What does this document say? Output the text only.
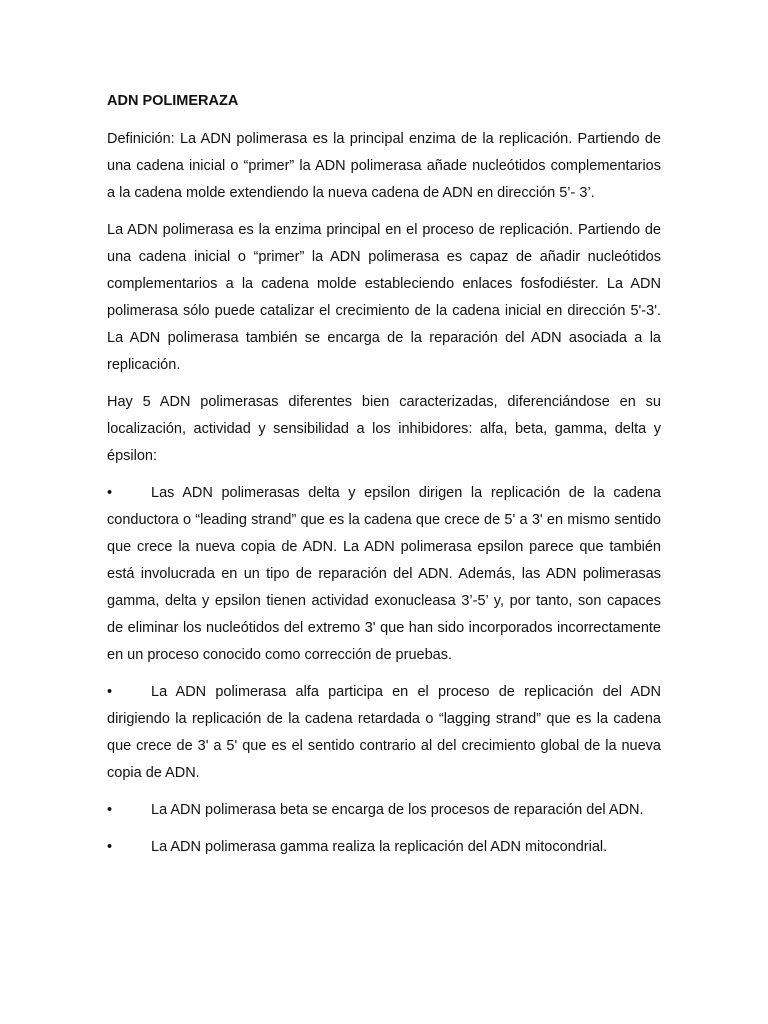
ADN POLIMERAZA

Definición: La ADN polimerasa es la principal enzima de la replicación. Partiendo de una cadena inicial o “primer” la ADN polimerasa añade nucleótidos complementarios a la cadena molde extendiendo la nueva cadena de ADN en dirección 5’- 3’.

La ADN polimerasa es la enzima principal en el proceso de replicación. Partiendo de una cadena inicial o “primer” la ADN polimerasa es capaz de añadir nucleótidos complementarios a la cadena molde estableciendo enlaces fosfodiéster. La ADN polimerasa sólo puede catalizar el crecimiento de la cadena inicial en dirección 5'-3'. La ADN polimerasa también se encarga de la reparación del ADN asociada a la replicación.

Hay 5 ADN polimerasas diferentes bien caracterizadas, diferenciándose en su localización, actividad y sensibilidad a los inhibidores: alfa, beta, gamma, delta y épsilon:

•	Las ADN polimerasas delta y epsilon dirigen la replicación de la cadena conductora o “leading strand” que es la cadena que crece de 5' a 3' en mismo sentido que crece la nueva copia de ADN. La ADN polimerasa epsilon parece que también está involucrada en un tipo de reparación del ADN. Además, las ADN polimerasas gamma, delta y epsilon tienen actividad exonucleasa 3’-5’ y, por tanto, son capaces de eliminar los nucleótidos del extremo 3' que han sido incorporados incorrectamente en un proceso conocido como corrección de pruebas.

•	La ADN polimerasa alfa participa en el proceso de replicación del ADN dirigiendo la replicación de la cadena retardada o “lagging strand” que es la cadena que crece de 3' a 5' que es el sentido contrario al del crecimiento global de la nueva copia de ADN.

•	La ADN polimerasa beta se encarga de los procesos de reparación del ADN.

•	La ADN polimerasa gamma realiza la replicación del ADN mitocondrial.
